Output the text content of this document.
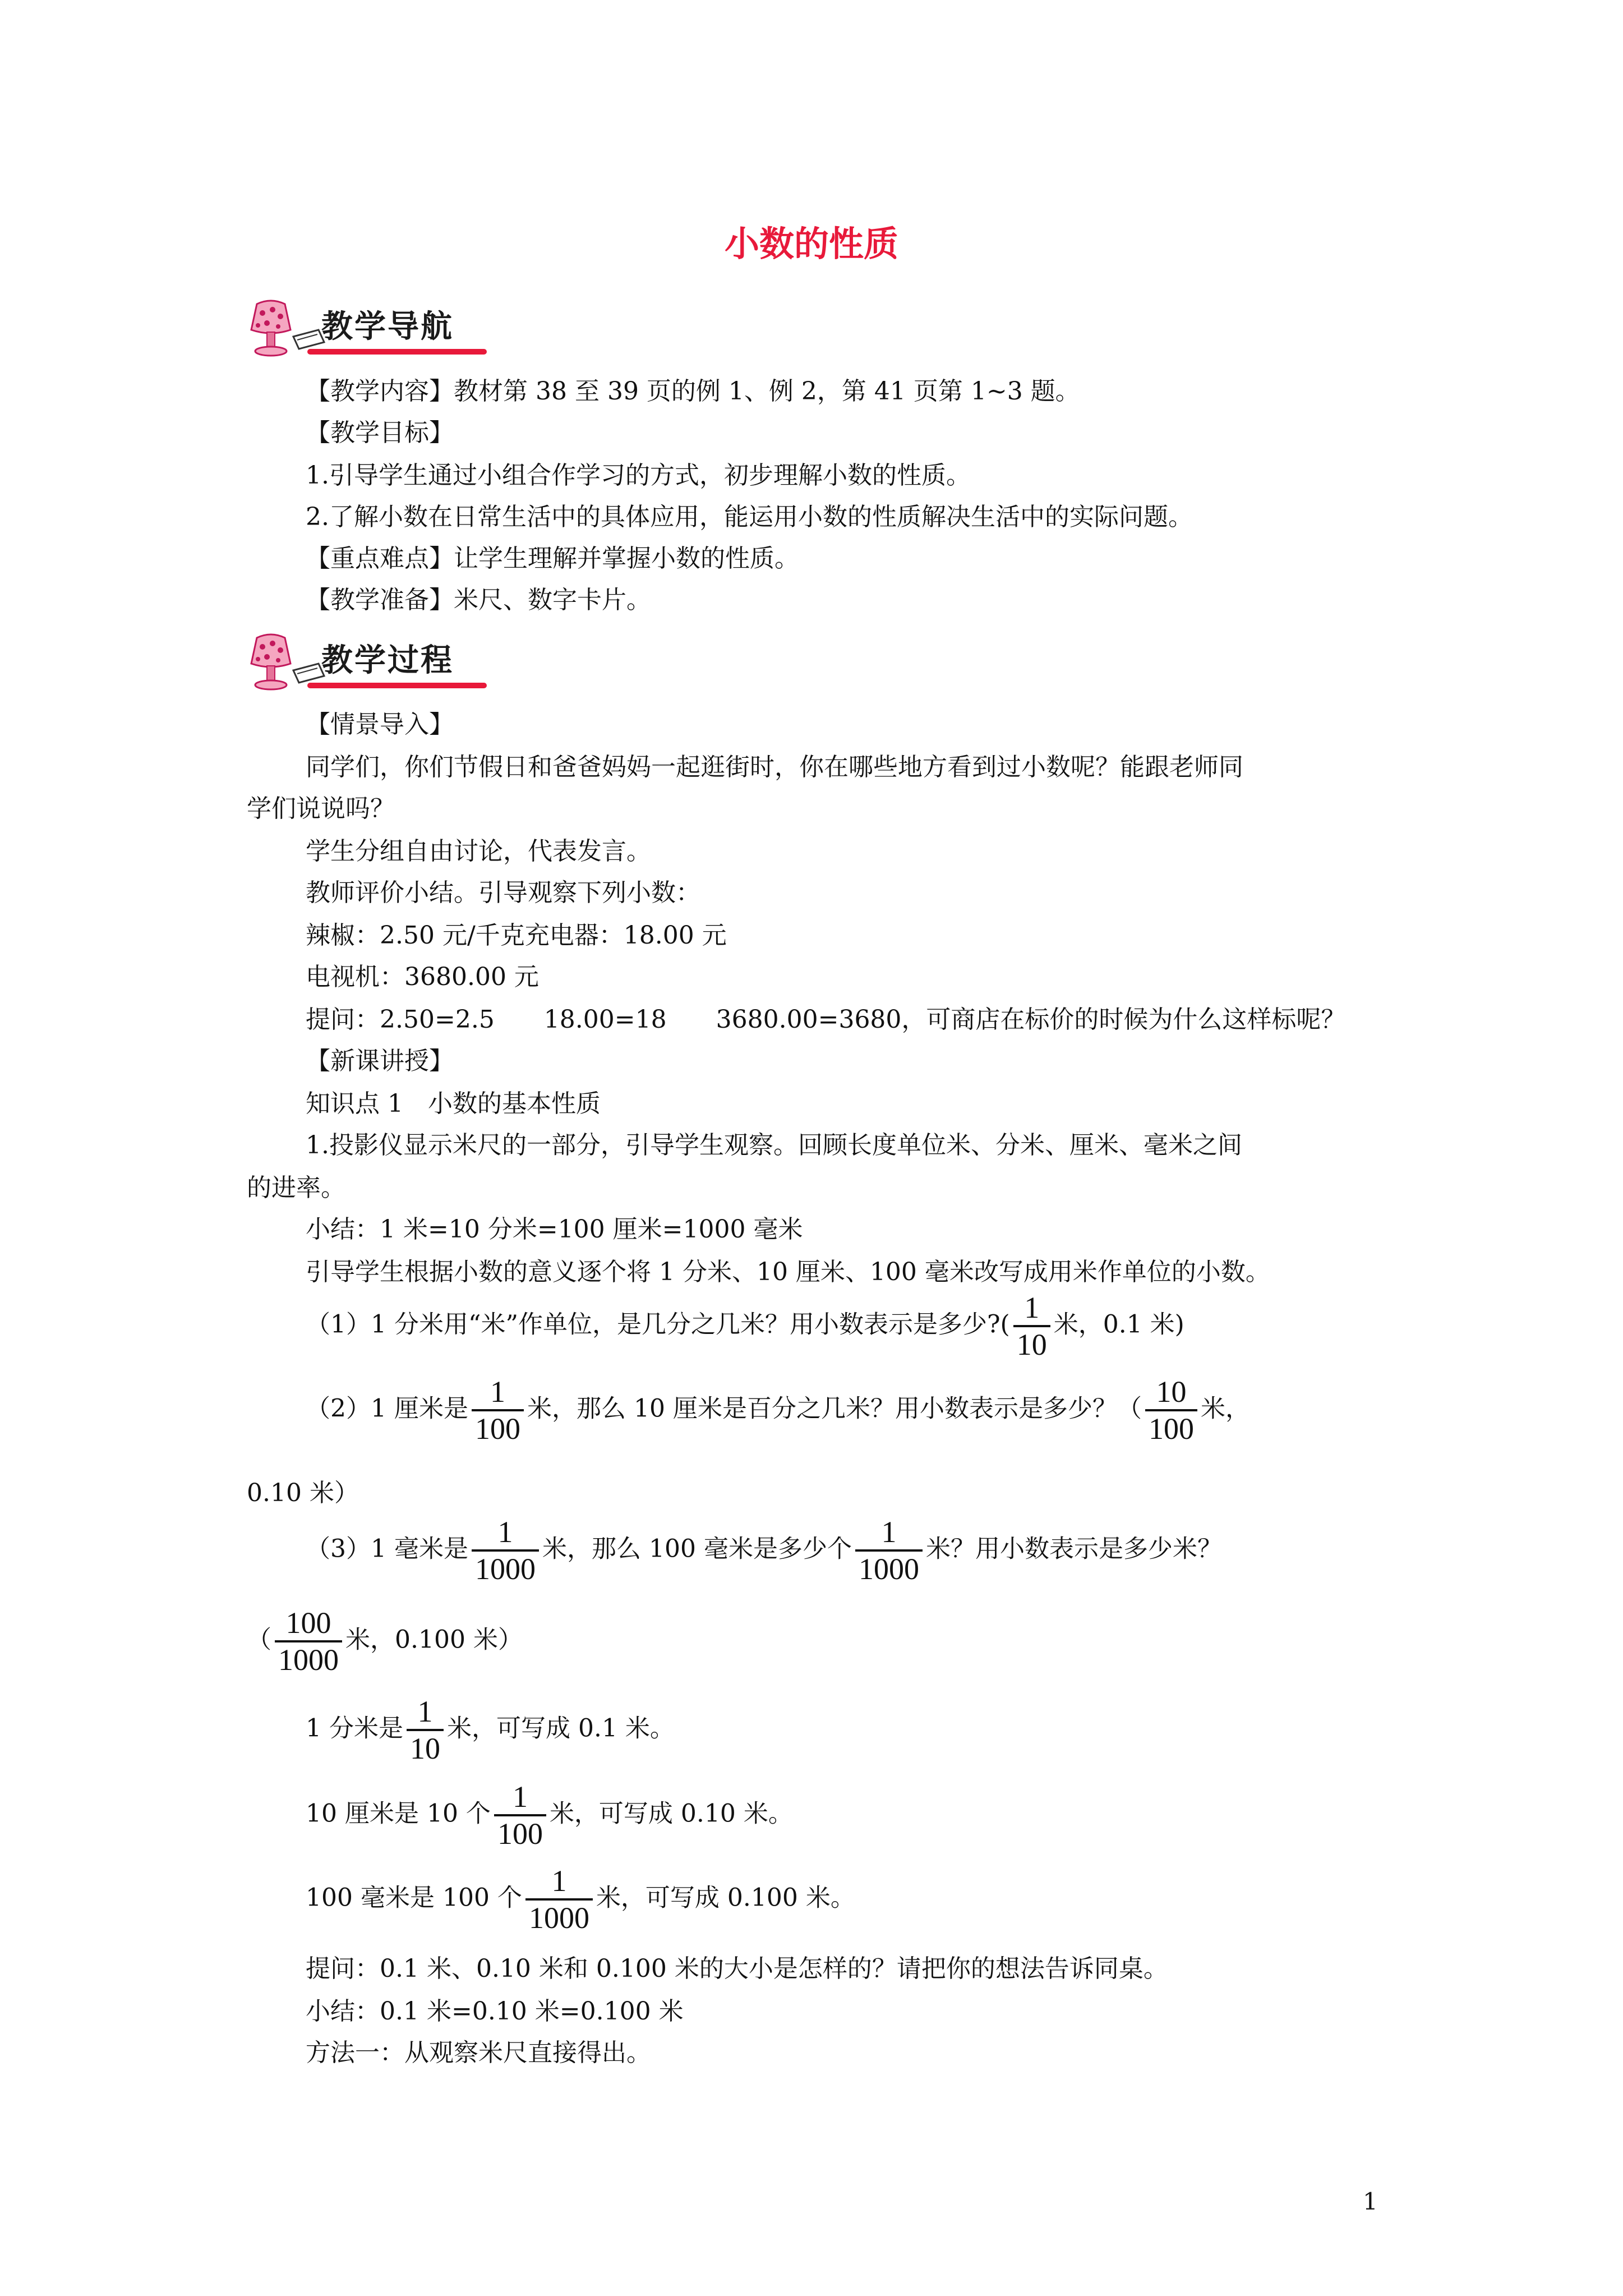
小数的性质
教学导航
【教学内容】教材第 38 至 39 页的例 1、例 2，第 41 页第 1~3 题。
【教学目标】
1.引导学生通过小组合作学习的方式，初步理解小数的性质。
2.了解小数在日常生活中的具体应用，能运用小数的性质解决生活中的实际问题。
【重点难点】让学生理解并掌握小数的性质。
【教学准备】米尺、数字卡片。
教学过程
【情景导入】
同学们，你们节假日和爸爸妈妈一起逛街时，你在哪些地方看到过小数呢？能跟老师同
学们说说吗？
学生分组自由讨论，代表发言。
教师评价小结。引导观察下列小数：
辣椒：2.50 元/千克充电器：18.00 元
电视机：3680.00 元
提问：2.50=2.5　　18.00=18　　3680.00=3680，可商店在标价的时候为什么这样标呢？
【新课讲授】
知识点 1　小数的基本性质
1.投影仪显示米尺的一部分，引导学生观察。回顾长度单位米、分米、厘米、毫米之间
的进率。
小结：1 米=10 分米=100 厘米=1000 毫米
引导学生根据小数的意义逐个将 1 分米、10 厘米、100 毫米改写成用米作单位的小数。
（1）1 分米用“米”作单位，是几分之几米？用小数表示是多少?( $\frac{1}{10}$ 米，0.1 米)
（2）1 厘米是 $\frac{1}{100}$ 米，那么 10 厘米是百分之几米？用小数表示是多少？（ $\frac{10}{100}$ 米，
0.10 米）
（3）1 毫米是 $\frac{1}{1000}$ 米，那么 100 毫米是多少个 $\frac{1}{1000}$ 米？用小数表示是多少米？
（ $\frac{100}{1000}$ 米，0.100 米）
1 分米是 $\frac{1}{10}$ 米，可写成 0.1 米。
10 厘米是 10 个 $\frac{1}{100}$ 米，可写成 0.10 米。
100 毫米是 100 个 $\frac{1}{1000}$ 米，可写成 0.100 米。
提问：0.1 米、0.10 米和 0.100 米的大小是怎样的？请把你的想法告诉同桌。
小结：0.1 米=0.10 米=0.100 米
方法一：从观察米尺直接得出。
1
